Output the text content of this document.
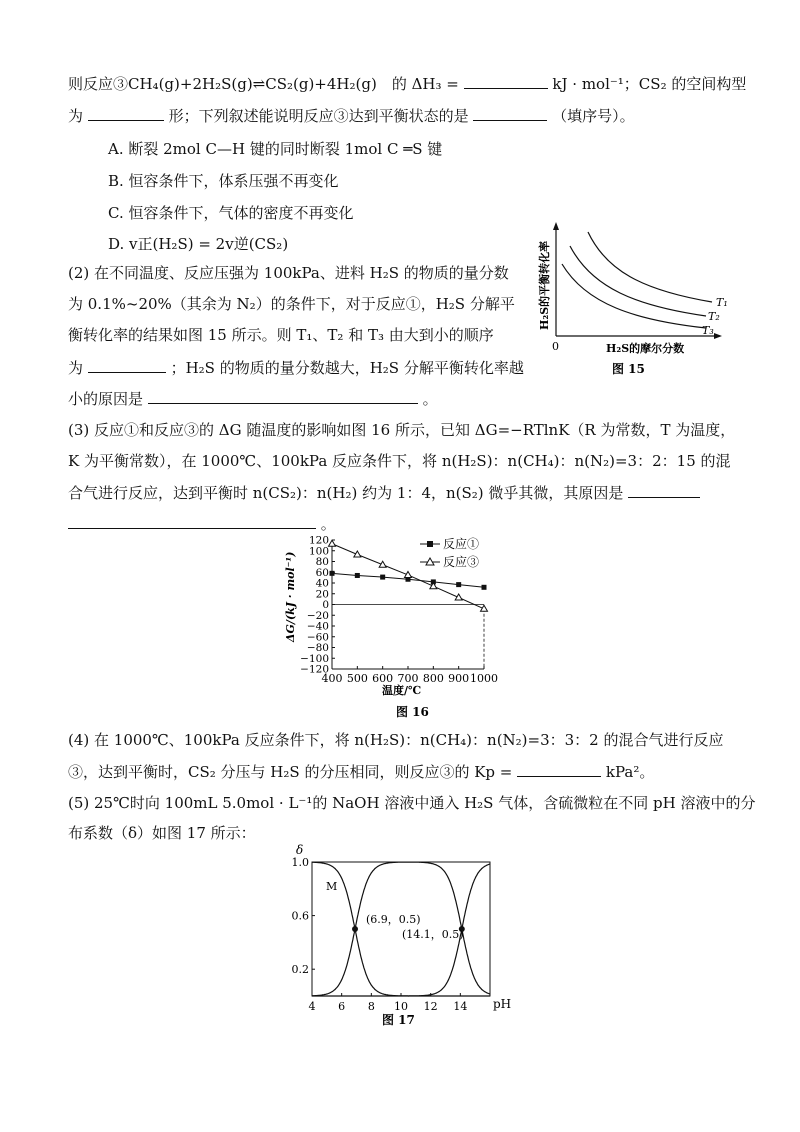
则反应③CH₄(g)+2H₂S(g)⇌CS₂(g)+4H₂(g)　的 ΔH₃ =	kJ · mol⁻¹；CS₂ 的空间构型
为	形；下列叙述能说明反应③达到平衡状态的是	（填序号）。
A. 断裂 2mol C—H 键的同时断裂 1mol C ═S 键
B. 恒容条件下，体系压强不再变化
C. 恒容条件下，气体的密度不再变化
D. v正(H₂S) = 2v逆(CS₂)
(2) 在不同温度、反应压强为 100kPa、进料 H₂S 的物质的量分数
为 0.1%~20%（其余为 N₂）的条件下，对于反应①，H₂S 分解平
衡转化率的结果如图 15 所示。则 T₁、T₂ 和 T₃ 由大到小的顺序
为	；H₂S 的物质的量分数越大，H₂S 分解平衡转化率越
小的原因是	。
T₁
T₂
T₃
0	H₂S的摩尔分数
H₂S的平衡转化率
图 15
(3) 反应①和反应③的 ΔG 随温度的影响如图 16 所示，已知 ΔG=−RTlnK（R 为常数，T 为温度，
K 为平衡常数），在 1000℃、100kPa 反应条件下，将 n(H₂S)：n(CH₄)：n(N₂)=3：2：15 的混
合气进行反应，达到平衡时 n(CS₂)：n(H₂) 约为 1：4，n(S₂) 微乎其微，其原因是
。
120
100
80
60
40
20
0
−20
−40
−60
−80
−100
−120
400 500 600 700 800 900 1000
反应①
反应③
温度/℃
ΔG/(kJ · mol⁻¹)
图 16
(4) 在 1000℃、100kPa 反应条件下，将 n(H₂S)：n(CH₄)：n(N₂)=3：3：2 的混合气进行反应
③，达到平衡时，CS₂ 分压与 H₂S 的分压相同，则反应③的 Kp =	kPa²。
(5) 25℃时向 100mL 5.0mol · L⁻¹的 NaOH 溶液中通入 H₂S 气体，含硫微粒在不同 pH 溶液中的分
布系数（δ）如图 17 所示：
4 6 8 10 12 14
1.0
0.6
0.2
δ
pH
M
(6.9，0.5)
(14.1，0.5)
图 17
